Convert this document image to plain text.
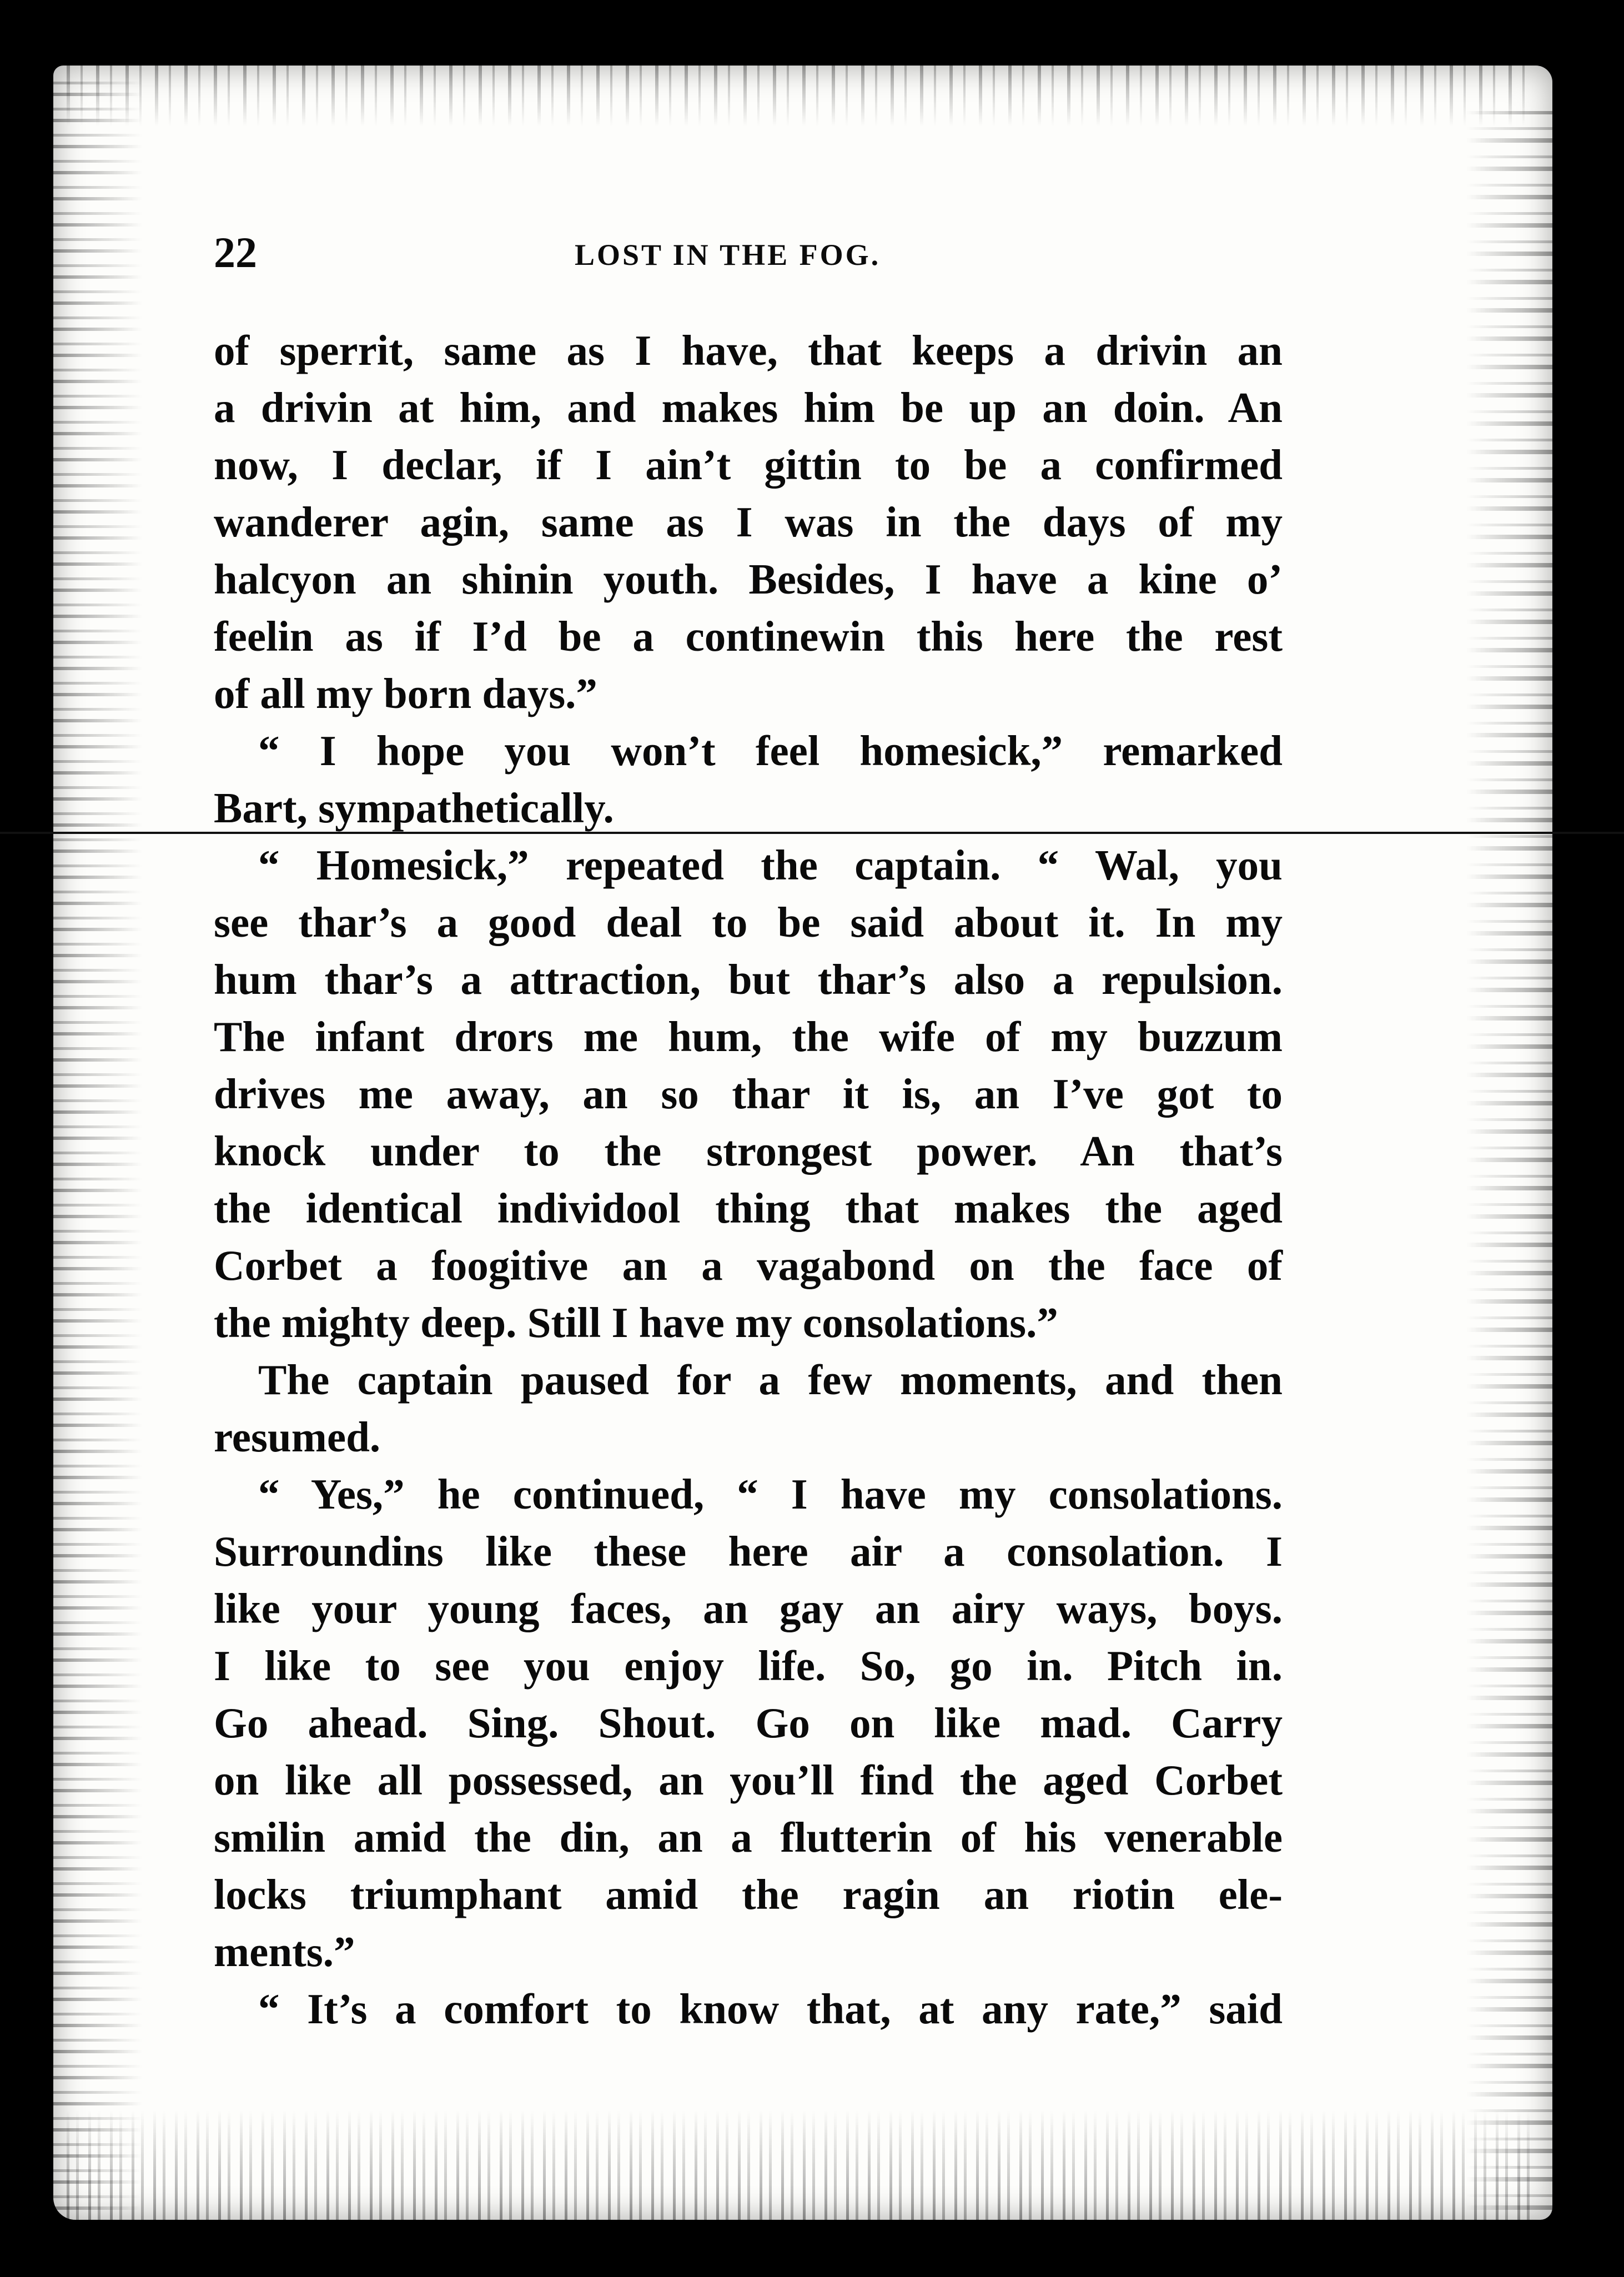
22	LOST IN THE FOG.
of sperrit, same as I have, that keeps a drivin an
a drivin at him, and makes him be up an doin. An
now, I declar, if I ain’t gittin to be a confirmed
wanderer agin, same as I was in the days of my
halcyon an shinin youth. Besides, I have a kine o’
feelin as if I’d be a continewin this here the rest
of all my born days.”
“ I hope you won’t feel homesick,” remarked
Bart, sympathetically.
“ Homesick,” repeated the captain. “ Wal, you
see thar’s a good deal to be said about it. In my
hum thar’s a attraction, but thar’s also a repulsion.
The infant drors me hum, the wife of my buzzum
drives me away, an so thar it is, an I’ve got to
knock under to the strongest power. An that’s
the identical individool thing that makes the aged
Corbet a foogitive an a vagabond on the face of
the mighty deep. Still I have my consolations.”
The captain paused for a few moments, and then
resumed.
“ Yes,” he continued, “ I have my consolations.
Surroundins like these here air a consolation. I
like your young faces, an gay an airy ways, boys.
I like to see you enjoy life. So, go in. Pitch in.
Go ahead. Sing. Shout. Go on like mad. Carry
on like all possessed, an you’ll find the aged Corbet
smilin amid the din, an a flutterin of his venerable
locks triumphant amid the ragin an riotin ele-
ments.”
“ It’s a comfort to know that, at any rate,” said
